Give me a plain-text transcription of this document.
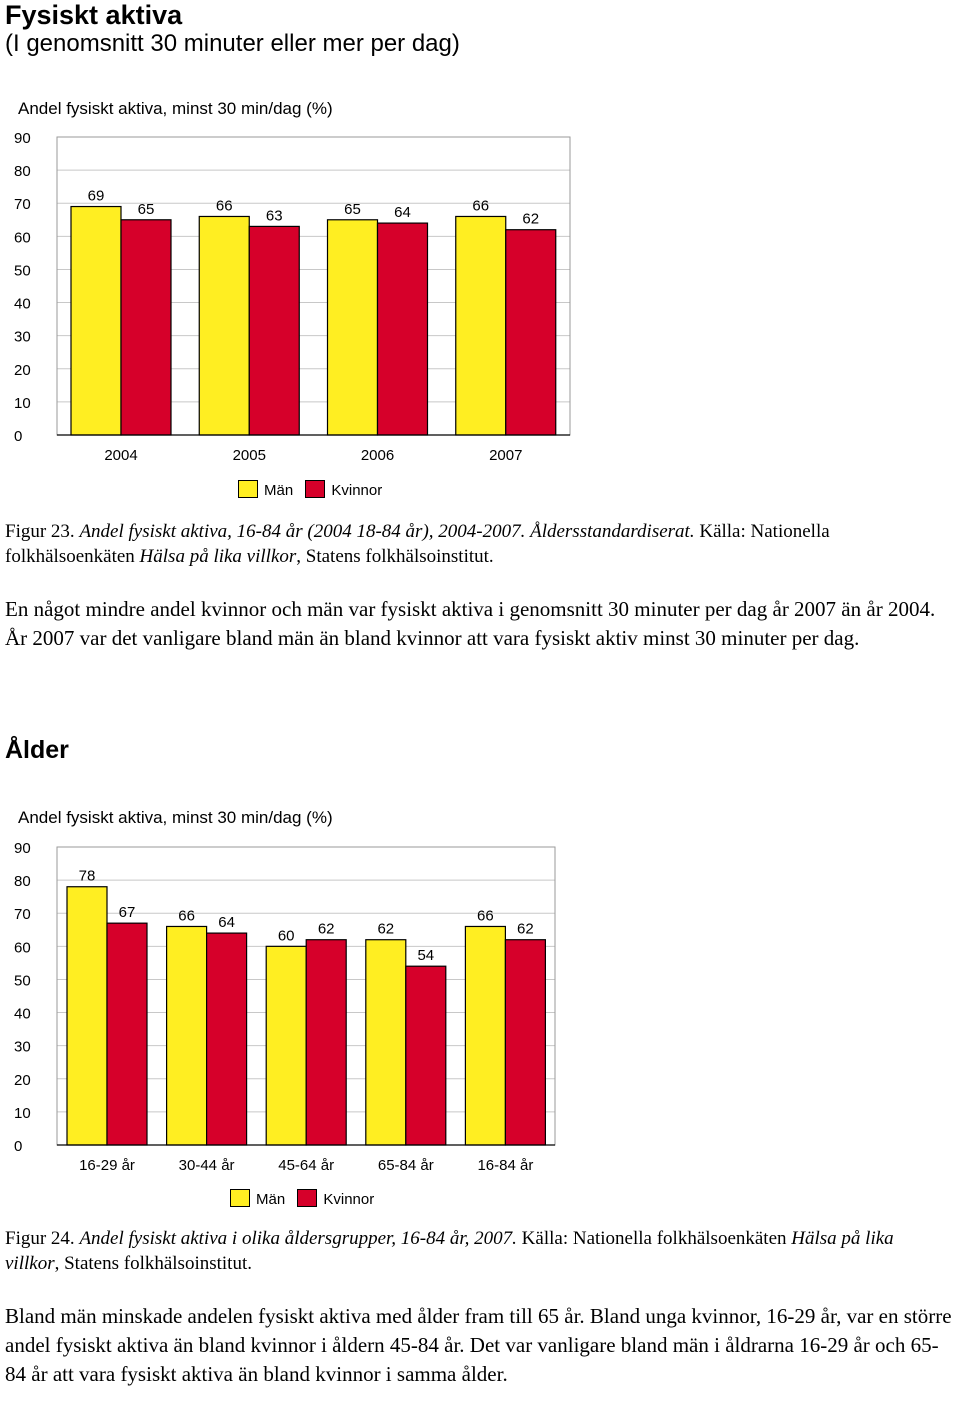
Fysiskt aktiva
(I genomsnitt 30 minuter eller mer per dag)
Andel fysiskt aktiva, minst 30 min/dag (%)
0
10
20
30
40
50
60
70
80
90
69
65
2004
66
63
2005
65 64
2006
66
62
2007
Män	Kvinnor
Figur 23. Andel fysiskt aktiva, 16-84 år (2004 18-84 år), 2004-2007. Åldersstandardiserat. Källa: Nationella folkhälsoenkäten Hälsa på lika villkor, Statens folkhälsoinstitut.
En något mindre andel kvinnor och män var fysiskt aktiva i genomsnitt 30 minuter per dag år 2007 än år 2004. År 2007 var det vanligare bland män än bland kvinnor att vara fysiskt aktiv minst 30 minuter per dag.
Ålder
Andel fysiskt aktiva, minst 30 min/dag (%)
0
10
20
30
40
50
60
70
80
90
78
67
16-29 år
66 64
30-44 år
60 62
45-64 år
62
54
65-84 år
66
62
16-84 år
Män	Kvinnor
Figur 24. Andel fysiskt aktiva i olika åldersgrupper, 16-84 år, 2007. Källa: Nationella folkhälsoenkäten Hälsa på lika villkor, Statens folkhälsoinstitut.
Bland män minskade andelen fysiskt aktiva med ålder fram till 65 år. Bland unga kvinnor, 16-29 år, var en större andel fysiskt aktiva än bland kvinnor i åldern 45-84 år. Det var vanligare bland män i åldrarna 16-29 år och 65-84 år att vara fysiskt aktiva än bland kvinnor i samma ålder.
